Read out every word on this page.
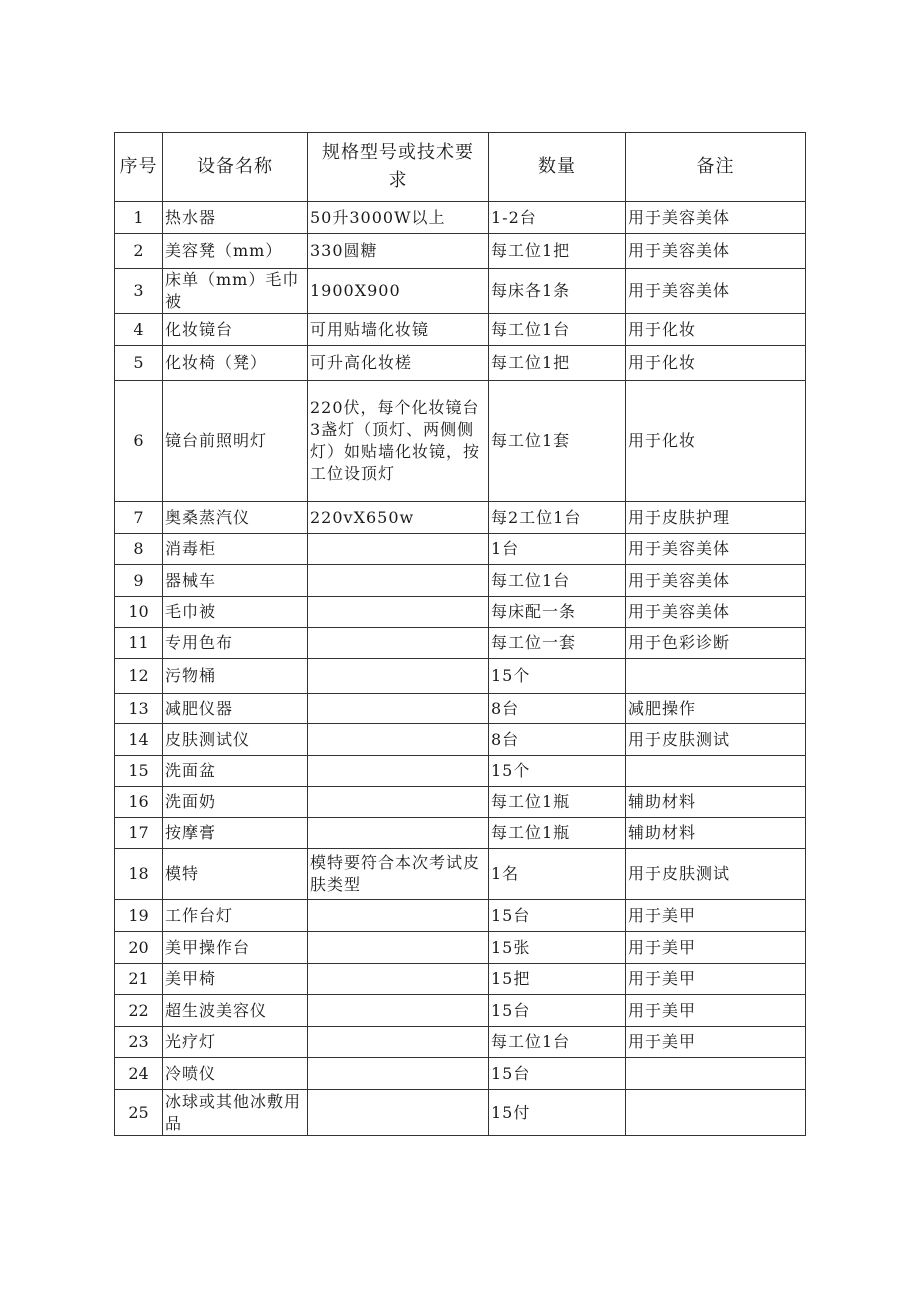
序号	设备名称	规格型号或技术要求	数量	备注
1	热水器	50升3000W以上	1-2台	用于美容美体
2	美容凳（mm）	330圆糖	每工位1把	用于美容美体
3	床单（mm）毛巾被	1900X900	每床各1条	用于美容美体
4	化妆镜台	可用贴墙化妆镜	每工位1台	用于化妆
5	化妆椅（凳）	可升高化妆槎	每工位1把	用于化妆
6	镜台前照明灯	220伏，每个化妆镜台3盏灯（顶灯、两侧侧灯）如贴墙化妆镜，按工位设顶灯	每工位1套	用于化妆
7	奥桑蒸汽仪	220vX650w	每2工位1台	用于皮肤护理
8	消毒柜		1台	用于美容美体
9	器械车		每工位1台	用于美容美体
10	毛巾被		每床配一条	用于美容美体
11	专用色布		每工位一套	用于色彩诊断
12	污物桶		15个	
13	减肥仪器		8台	减肥操作
14	皮肤测试仪		8台	用于皮肤测试
15	洗面盆		15个	
16	洗面奶		每工位1瓶	辅助材料
17	按摩膏		每工位1瓶	辅助材料
18	模特	模特要符合本次考试皮肤类型	1名	用于皮肤测试
19	工作台灯		15台	用于美甲
20	美甲操作台		15张	用于美甲
21	美甲椅		15把	用于美甲
22	超生波美容仪		15台	用于美甲
23	光疗灯		每工位1台	用于美甲
24	冷喷仪		15台	
25	冰球或其他冰敷用品		15付	
